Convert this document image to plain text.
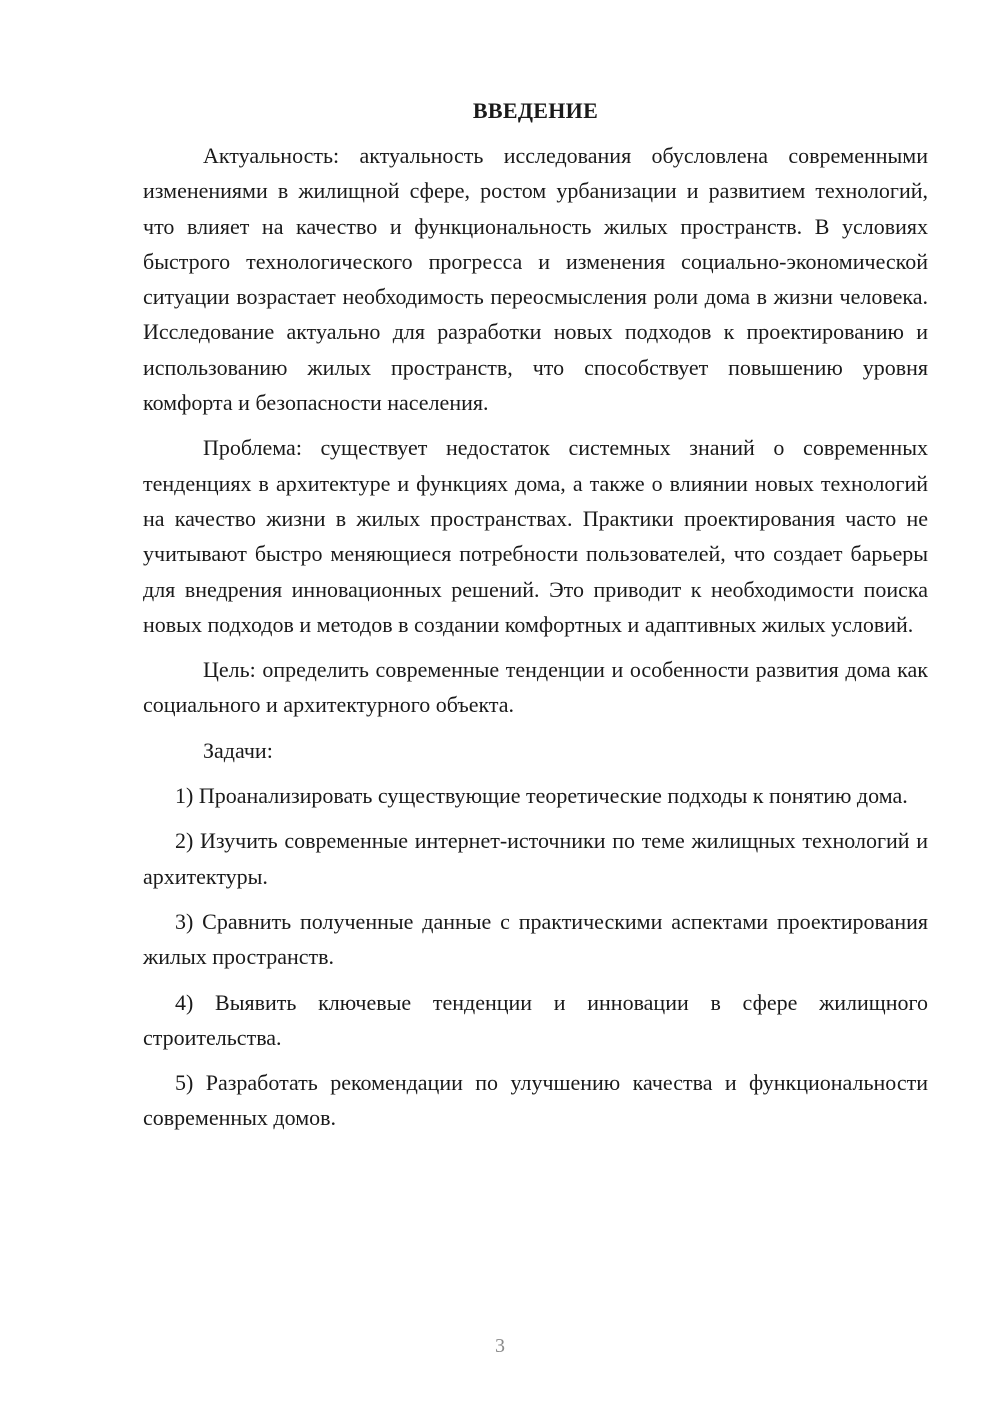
ВВЕДЕНИЕ

Актуальность: актуальность исследования обусловлена современными изменениями в жилищной сфере, ростом урбанизации и развитием технологий, что влияет на качество и функциональность жилых пространств. В условиях быстрого технологического прогресса и изменения социально-экономической ситуации возрастает необходимость переосмысления роли дома в жизни человека. Исследование актуально для разработки новых подходов к проектированию и использованию жилых пространств, что способствует повышению уровня комфорта и безопасности населения.

Проблема: существует недостаток системных знаний о современных тенденциях в архитектуре и функциях дома, а также о влиянии новых технологий на качество жизни в жилых пространствах. Практики проектирования часто не учитывают быстро меняющиеся потребности пользователей, что создает барьеры для внедрения инновационных решений. Это приводит к необходимости поиска новых подходов и методов в создании комфортных и адаптивных жилых условий.

Цель: определить современные тенденции и особенности развития дома как социального и архитектурного объекта.

Задачи:

1) Проанализировать существующие теоретические подходы к понятию дома.

2) Изучить современные интернет-источники по теме жилищных технологий и архитектуры.

3) Сравнить полученные данные с практическими аспектами проектирования жилых пространств.

4) Выявить ключевые тенденции и инновации в сфере жилищного строительства.

5) Разработать рекомендации по улучшению качества и функциональности современных домов.

3
